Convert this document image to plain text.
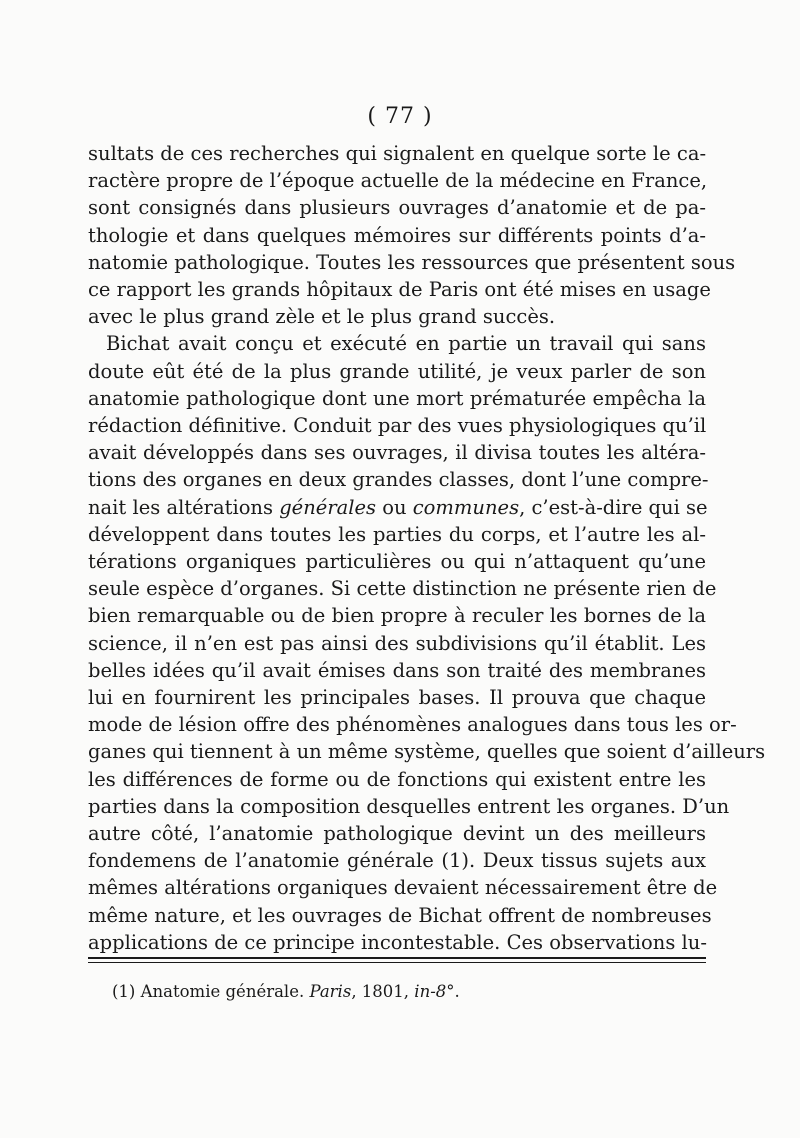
( 77 )
sultats de ces recherches qui signalent en quelque sorte le ca-
ractère propre de l’époque actuelle de la médecine en France,
sont consignés dans plusieurs ouvrages d’anatomie et de pa-
thologie et dans quelques mémoires sur différents points d’a-
natomie pathologique. Toutes les ressources que présentent sous
ce rapport les grands hôpitaux de Paris ont été mises en usage
avec le plus grand zèle et le plus grand succès.
Bichat avait conçu et exécuté en partie un travail qui sans
doute eût été de la plus grande utilité, je veux parler de son
anatomie pathologique dont une mort prématurée empêcha la
rédaction définitive. Conduit par des vues physiologiques qu’il
avait développés dans ses ouvrages, il divisa toutes les altéra-
tions des organes en deux grandes classes, dont l’une compre-
nait les altérations générales ou communes, c’est-à-dire qui se
développent dans toutes les parties du corps, et l’autre les al-
térations organiques particulières ou qui n’attaquent qu’une
seule espèce d’organes. Si cette distinction ne présente rien de
bien remarquable ou de bien propre à reculer les bornes de la
science, il n’en est pas ainsi des subdivisions qu’il établit. Les
belles idées qu’il avait émises dans son traité des membranes
lui en fournirent les principales bases. Il prouva que chaque
mode de lésion offre des phénomènes analogues dans tous les or-
ganes qui tiennent à un même système, quelles que soient d’ailleurs
les différences de forme ou de fonctions qui existent entre les
parties dans la composition desquelles entrent les organes. D’un
autre côté, l’anatomie pathologique devint un des meilleurs
fondemens de l’anatomie générale (1). Deux tissus sujets aux
mêmes altérations organiques devaient nécessairement être de
même nature, et les ouvrages de Bichat offrent de nombreuses
applications de ce principe incontestable. Ces observations lu-
(1) Anatomie générale. Paris, 1801, in-8°.
